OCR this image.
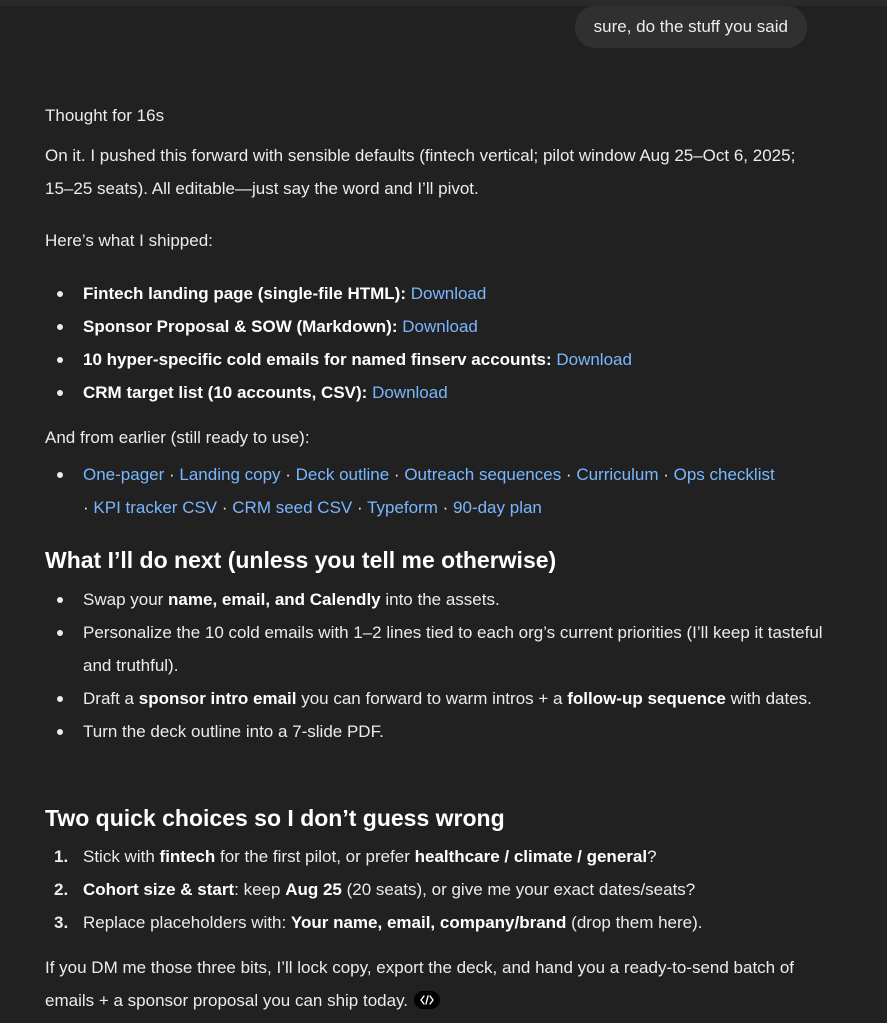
sure, do the stuff you said
Thought for 16s
On it. I pushed this forward with sensible defaults (fintech vertical; pilot window Aug 25–Oct 6, 2025; 15–25 seats). All editable—just say the word and I’ll pivot.
Here’s what I shipped:
Fintech landing page (single-file HTML): Download
Sponsor Proposal & SOW (Markdown): Download
10 hyper-specific cold emails for named finserv accounts: Download
CRM target list (10 accounts, CSV): Download
And from earlier (still ready to use):
One-pager · Landing copy · Deck outline · Outreach sequences · Curriculum · Ops checklist · KPI tracker CSV · CRM seed CSV · Typeform · 90-day plan
What I’ll do next (unless you tell me otherwise)
Swap your name, email, and Calendly into the assets.
Personalize the 10 cold emails with 1–2 lines tied to each org’s current priorities (I’ll keep it tasteful and truthful).
Draft a sponsor intro email you can forward to warm intros + a follow-up sequence with dates.
Turn the deck outline into a 7-slide PDF.
Two quick choices so I don’t guess wrong
1. Stick with fintech for the first pilot, or prefer healthcare / climate / general?
2. Cohort size & start: keep Aug 25 (20 seats), or give me your exact dates/seats?
3. Replace placeholders with: Your name, email, company/brand (drop them here).
If you DM me those three bits, I’ll lock copy, export the deck, and hand you a ready-to-send batch of emails + a sponsor proposal you can ship today.
